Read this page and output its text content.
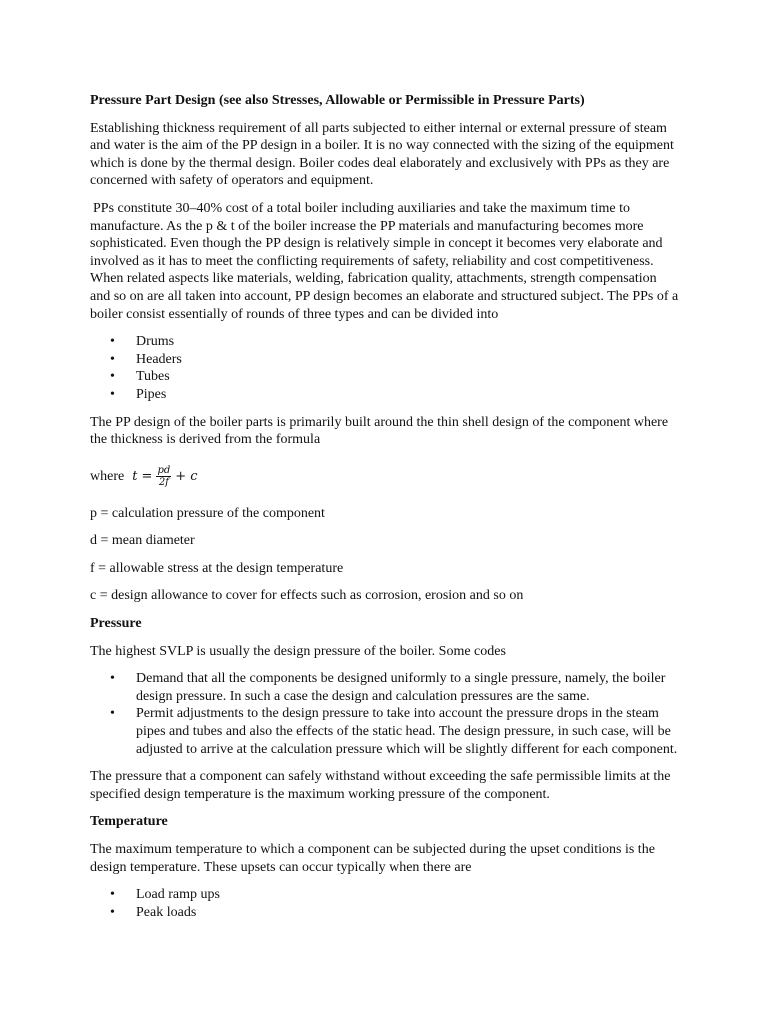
Pressure Part Design (see also Stresses, Allowable or Permissible in Pressure Parts)

Establishing thickness requirement of all parts subjected to either internal or external pressure of steam and water is the aim of the PP design in a boiler. It is no way connected with the sizing of the equipment which is done by the thermal design. Boiler codes deal elaborately and exclusively with PPs as they are concerned with safety of operators and equipment.

PPs constitute 30–40% cost of a total boiler including auxiliaries and take the maximum time to manufacture. As the p & t of the boiler increase the PP materials and manufacturing becomes more sophisticated. Even though the PP design is relatively simple in concept it becomes very elaborate and involved as it has to meet the conflicting requirements of safety, reliability and cost competitiveness. When related aspects like materials, welding, fabrication quality, attachments, strength compensation and so on are all taken into account, PP design becomes an elaborate and structured subject. The PPs of a boiler consist essentially of rounds of three types and can be divided into

• Drums
• Headers
• Tubes
• Pipes

The PP design of the boiler parts is primarily built around the thin shell design of the component where the thickness is derived from the formula

where $t = \frac{pd}{2f} + c$

p = calculation pressure of the component

d = mean diameter

f = allowable stress at the design temperature

c = design allowance to cover for effects such as corrosion, erosion and so on

Pressure

The highest SVLP is usually the design pressure of the boiler. Some codes

• Demand that all the components be designed uniformly to a single pressure, namely, the boiler design pressure. In such a case the design and calculation pressures are the same.
• Permit adjustments to the design pressure to take into account the pressure drops in the steam pipes and tubes and also the effects of the static head. The design pressure, in such case, will be adjusted to arrive at the calculation pressure which will be slightly different for each component.

The pressure that a component can safely withstand without exceeding the safe permissible limits at the specified design temperature is the maximum working pressure of the component.

Temperature

The maximum temperature to which a component can be subjected during the upset conditions is the design temperature. These upsets can occur typically when there are

• Load ramp ups
• Peak loads
